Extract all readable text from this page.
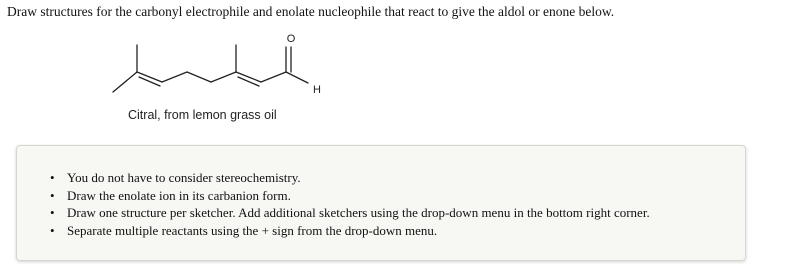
Draw structures for the carbonyl electrophile and enolate nucleophile that react to give the aldol or enone below.
O
H
Citral, from lemon grass oil
• You do not have to consider stereochemistry.
• Draw the enolate ion in its carbanion form.
• Draw one structure per sketcher. Add additional sketchers using the drop-down menu in the bottom right corner.
• Separate multiple reactants using the + sign from the drop-down menu.
